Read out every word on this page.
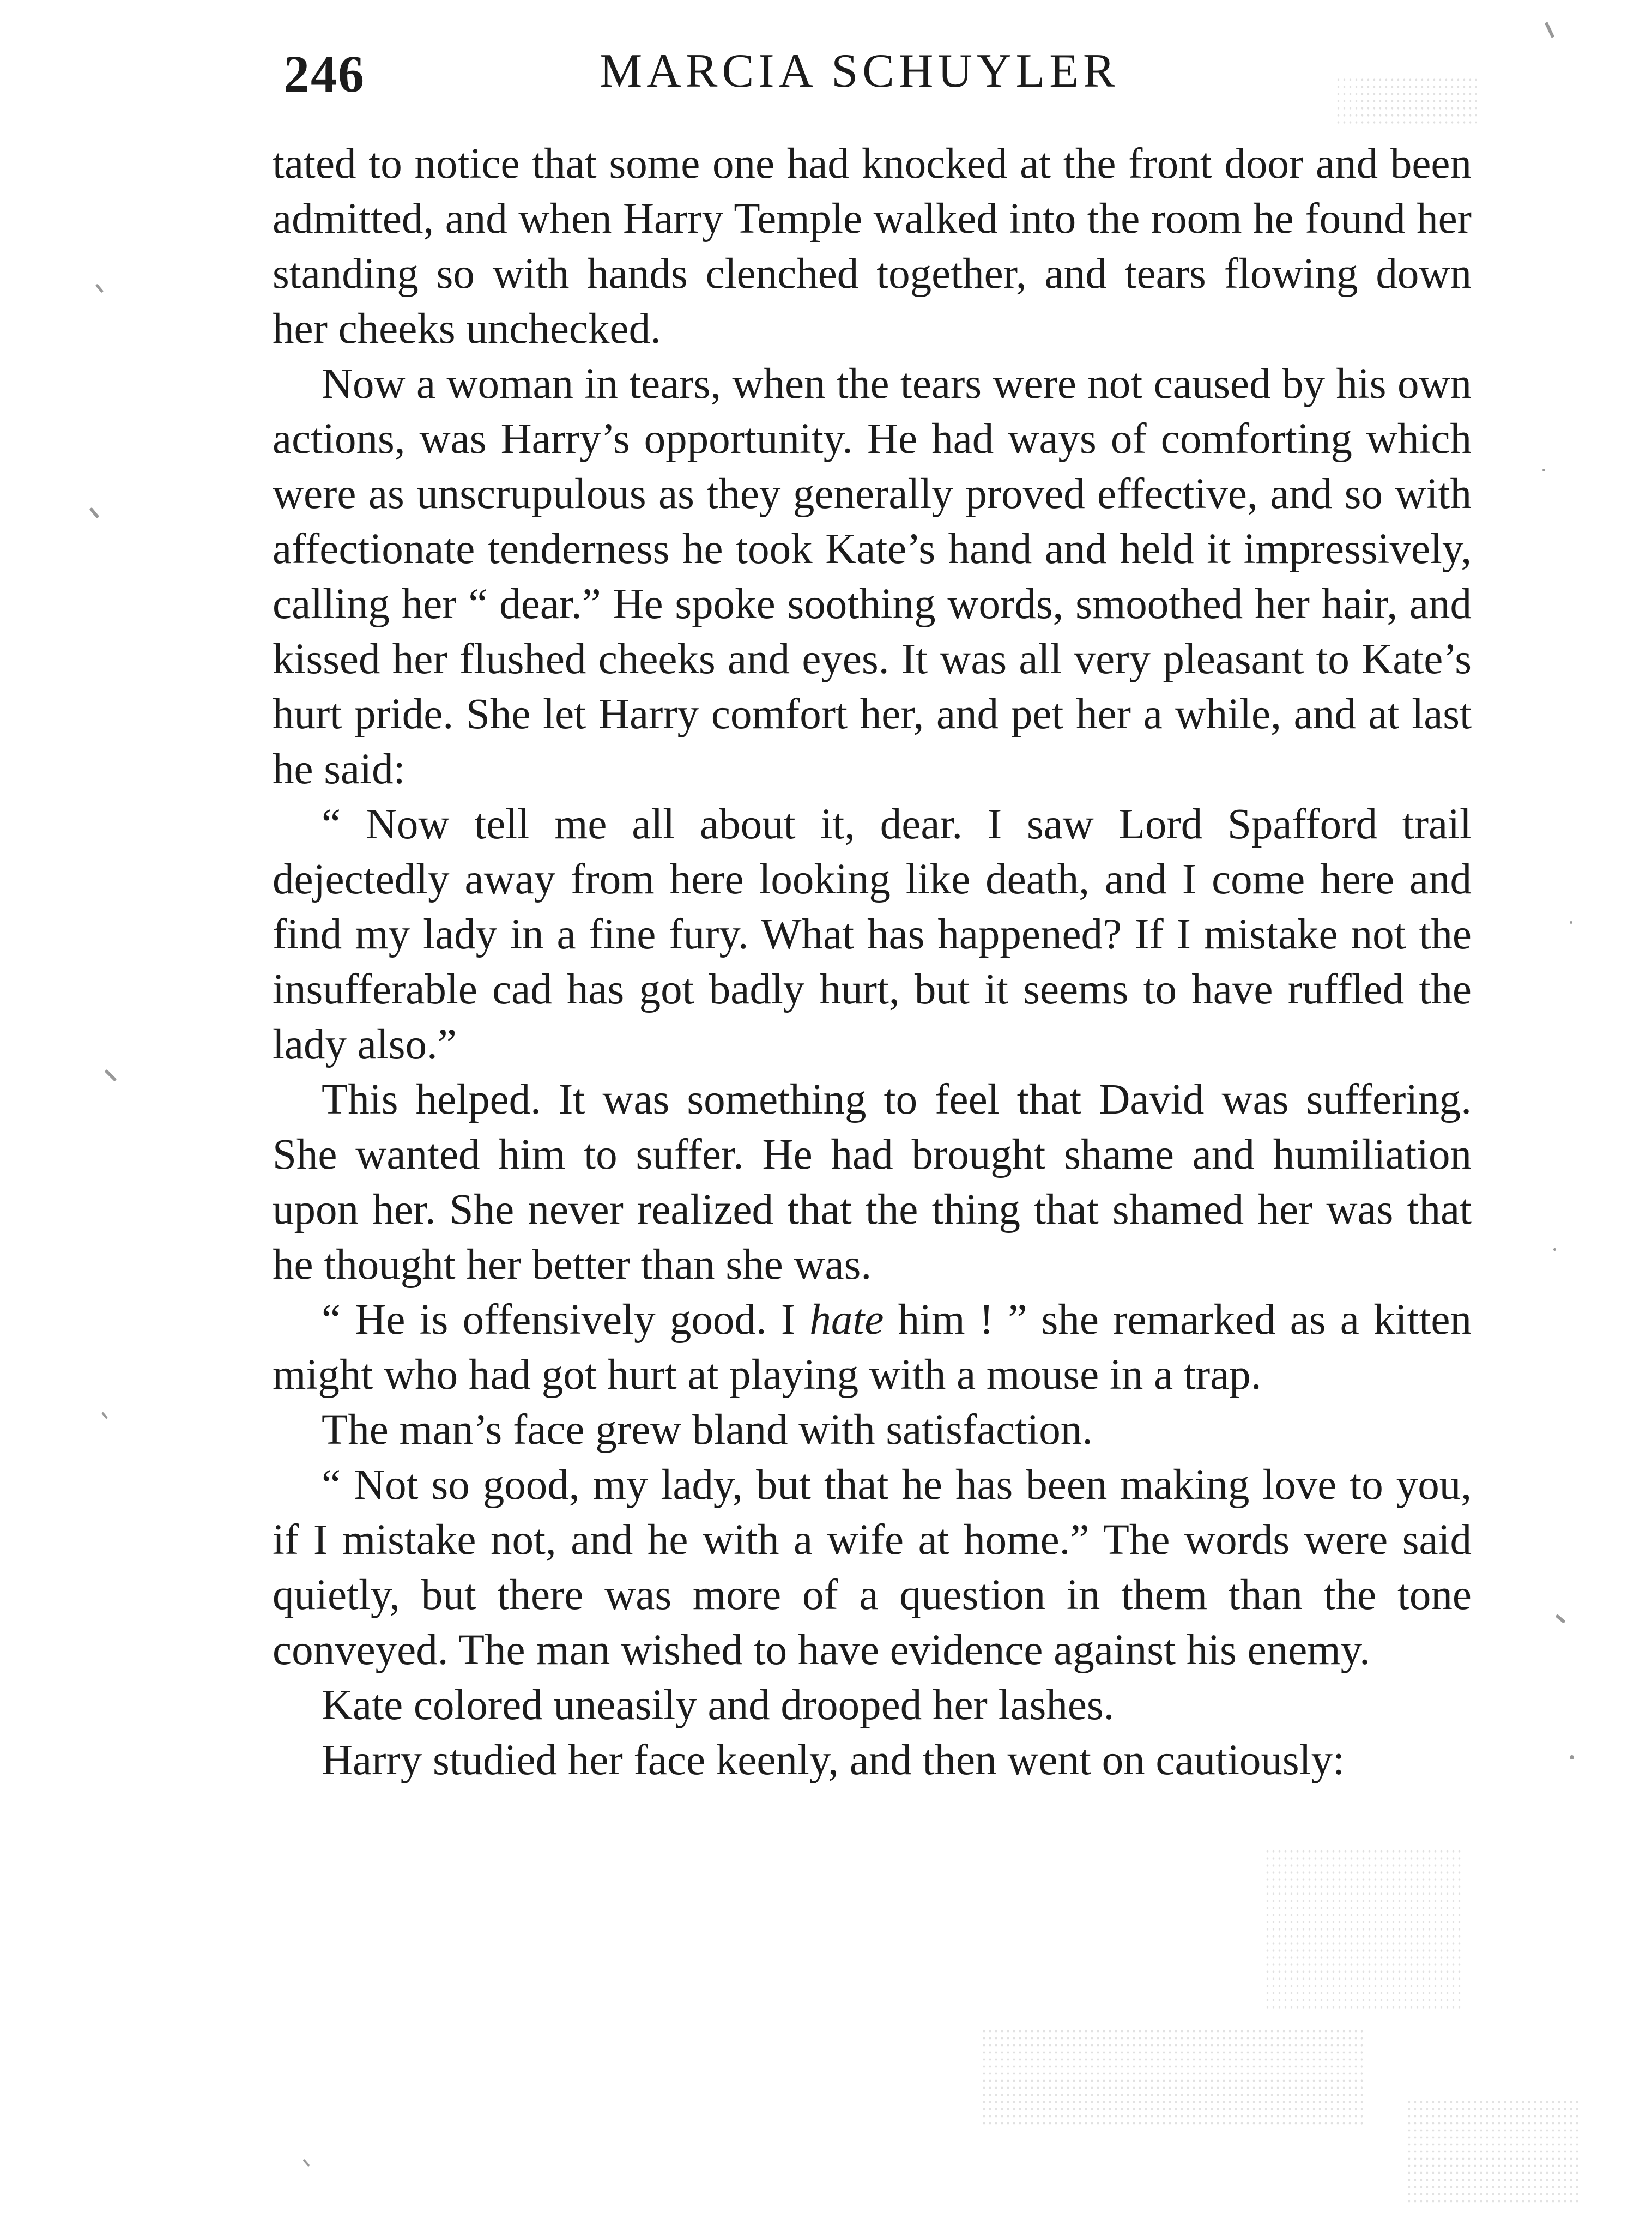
246	MARCIA SCHUYLER

tated to notice that some one had knocked at the front door and been admitted, and when Harry Temple walked into the room he found her standing so with hands clenched together, and tears flowing down her cheeks unchecked.

Now a woman in tears, when the tears were not caused by his own actions, was Harry’s opportunity. He had ways of comforting which were as unscrupulous as they generally proved effective, and so with affectionate tenderness he took Kate’s hand and held it impressively, calling her “ dear.” He spoke soothing words, smoothed her hair, and kissed her flushed cheeks and eyes. It was all very pleasant to Kate’s hurt pride. She let Harry comfort her, and pet her a while, and at last he said:

“ Now tell me all about it, dear. I saw Lord Spafford trail dejectedly away from here looking like death, and I come here and find my lady in a fine fury. What has happened? If I mistake not the insufferable cad has got badly hurt, but it seems to have ruffled the lady also.”

This helped. It was something to feel that David was suffering. She wanted him to suffer. He had brought shame and humiliation upon her. She never realized that the thing that shamed her was that he thought her better than she was.

“ He is offensively good. I hate him ! ” she remarked as a kitten might who had got hurt at playing with a mouse in a trap.

The man’s face grew bland with satisfaction.

“ Not so good, my lady, but that he has been making love to you, if I mistake not, and he with a wife at home.” The words were said quietly, but there was more of a question in them than the tone conveyed. The man wished to have evidence against his enemy.

Kate colored uneasily and drooped her lashes.

Harry studied her face keenly, and then went on cautiously:
